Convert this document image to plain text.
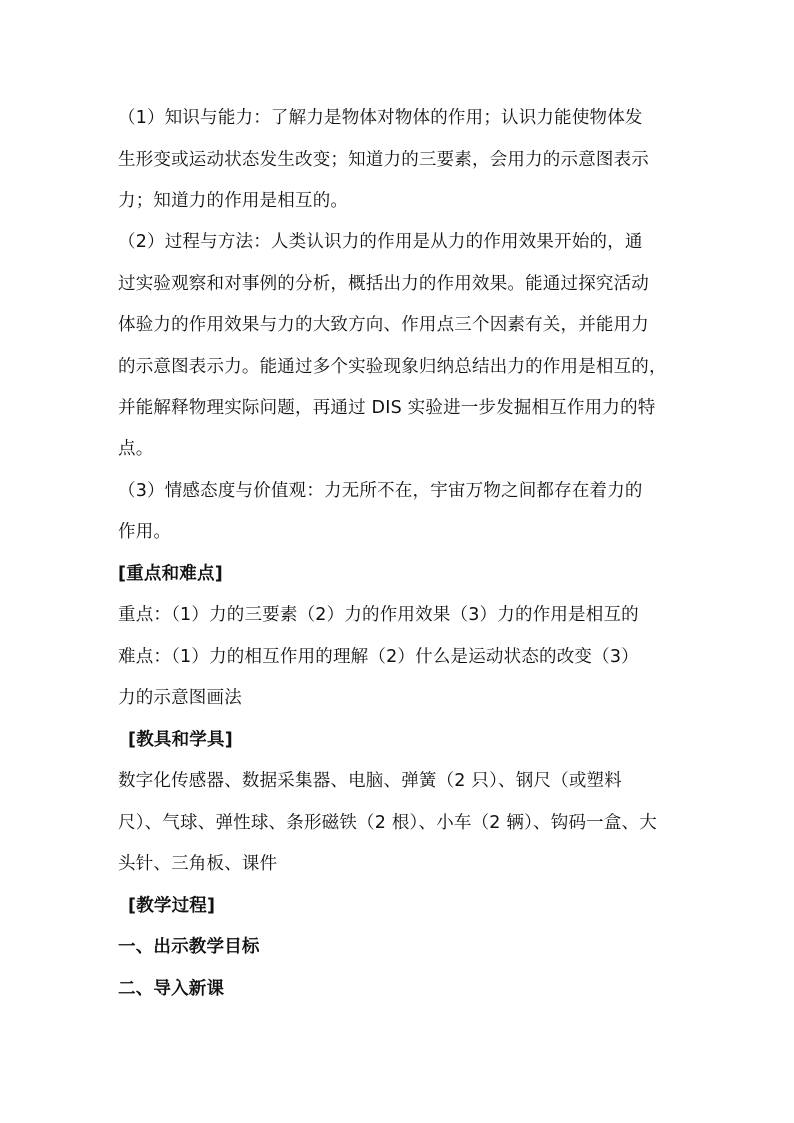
（1）知识与能力：了解力是物体对物体的作用；认识力能使物体发
生形变或运动状态发生改变；知道力的三要素，会用力的示意图表示
力；知道力的作用是相互的。
（2）过程与方法：人类认识力的作用是从力的作用效果开始的，通
过实验观察和对事例的分析，概括出力的作用效果。能通过探究活动
体验力的作用效果与力的大致方向、作用点三个因素有关，并能用力
的示意图表示力。能通过多个实验现象归纳总结出力的作用是相互的，
并能解释物理实际问题，再通过 DIS 实验进一步发掘相互作用力的特
点。
（3）情感态度与价值观：力无所不在，宇宙万物之间都存在着力的
作用。
[重点和难点]
重点：（1）力的三要素（2）力的作用效果（3）力的作用是相互的
难点：（1）力的相互作用的理解（2）什么是运动状态的改变（3）
力的示意图画法
[教具和学具]
数字化传感器、数据采集器、电脑、弹簧（2 只）、钢尺（或塑料
尺）、气球、弹性球、条形磁铁（2 根）、小车（2 辆）、钩码一盒、大
头针、三角板、课件
[教学过程]
一、出示教学目标
二、导入新课
